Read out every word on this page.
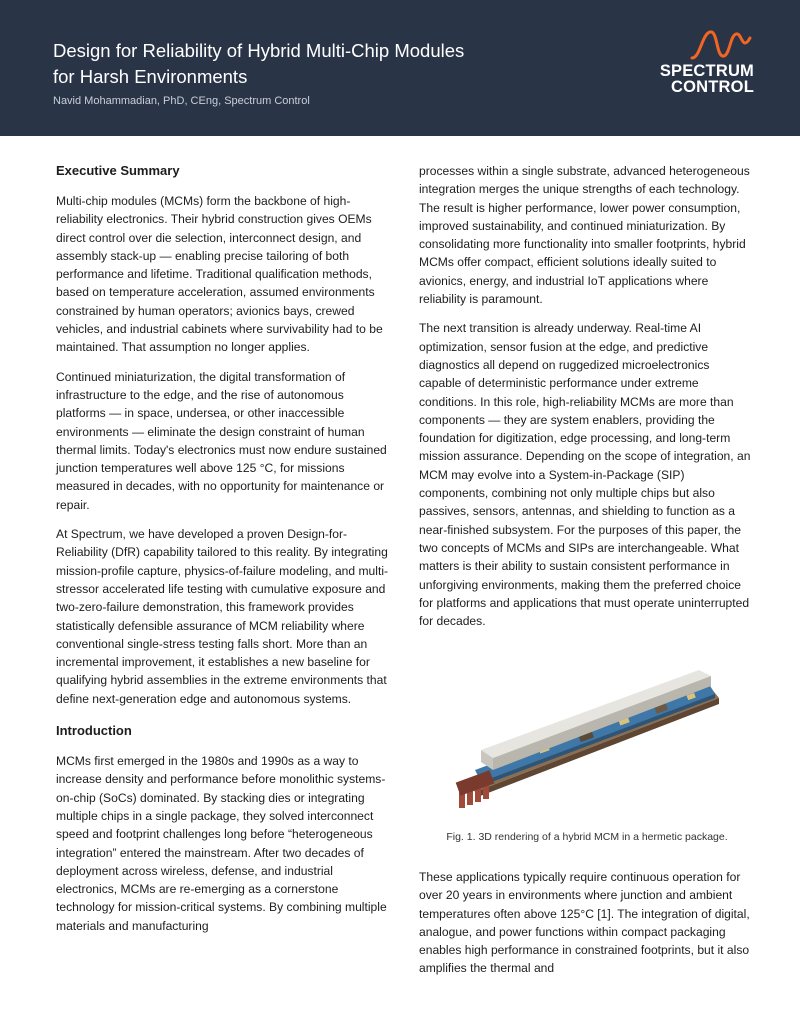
Design for Reliability of Hybrid Multi-Chip Modules
for Harsh Environments
Navid Mohammadian, PhD, CEng, Spectrum Control
SPECTRUM
CONTROL
Executive Summary

Multi-chip modules (MCMs) form the backbone of high-reliability electronics. Their hybrid construction gives OEMs direct control over die selection, interconnect design, and assembly stack-up — enabling precise tailoring of both performance and lifetime. Traditional qualification methods, based on temperature acceleration, assumed environments constrained by human operators; avionics bays, crewed vehicles, and industrial cabinets where survivability had to be maintained. That assumption no longer applies.

Continued miniaturization, the digital transformation of infrastructure to the edge, and the rise of autonomous platforms — in space, undersea, or other inaccessible environments — eliminate the design constraint of human thermal limits. Today's electronics must now endure sustained junction temperatures well above 125 °C, for missions measured in decades, with no opportunity for maintenance or repair.

At Spectrum, we have developed a proven Design-for-Reliability (DfR) capability tailored to this reality. By integrating mission-profile capture, physics-of-failure modeling, and multi-stressor accelerated life testing with cumulative exposure and two-zero-failure demonstration, this framework provides statistically defensible assurance of MCM reliability where conventional single-stress testing falls short. More than an incremental improvement, it establishes a new baseline for qualifying hybrid assemblies in the extreme environments that define next-generation edge and autonomous systems.

Introduction

MCMs first emerged in the 1980s and 1990s as a way to increase density and performance before monolithic systems-on-chip (SoCs) dominated. By stacking dies or integrating multiple chips in a single package, they solved interconnect speed and footprint challenges long before “heterogeneous integration” entered the mainstream. After two decades of deployment across wireless, defense, and industrial electronics, MCMs are re-emerging as a cornerstone technology for mission-critical systems. By combining multiple materials and manufacturing

processes within a single substrate, advanced heterogeneous integration merges the unique strengths of each technology. The result is higher performance, lower power consumption, improved sustainability, and continued miniaturization. By consolidating more functionality into smaller footprints, hybrid MCMs offer compact, efficient solutions ideally suited to avionics, energy, and industrial IoT applications where reliability is paramount.

The next transition is already underway. Real-time AI optimization, sensor fusion at the edge, and predictive diagnostics all depend on ruggedized microelectronics capable of deterministic performance under extreme conditions. In this role, high-reliability MCMs are more than components — they are system enablers, providing the foundation for digitization, edge processing, and long-term mission assurance. Depending on the scope of integration, an MCM may evolve into a System-in-Package (SIP) components, combining not only multiple chips but also passives, sensors, antennas, and shielding to function as a near-finished subsystem. For the purposes of this paper, the two concepts of MCMs and SIPs are interchangeable. What matters is their ability to sustain consistent performance in unforgiving environments, making them the preferred choice for platforms and applications that must operate uninterrupted for decades.

Fig. 1. 3D rendering of a hybrid MCM in a hermetic package.

These applications typically require continuous operation for over 20 years in environments where junction and ambient temperatures often above 125°C [1]. The integration of digital, analogue, and power functions within compact packaging enables high performance in constrained footprints, but it also amplifies the thermal and
